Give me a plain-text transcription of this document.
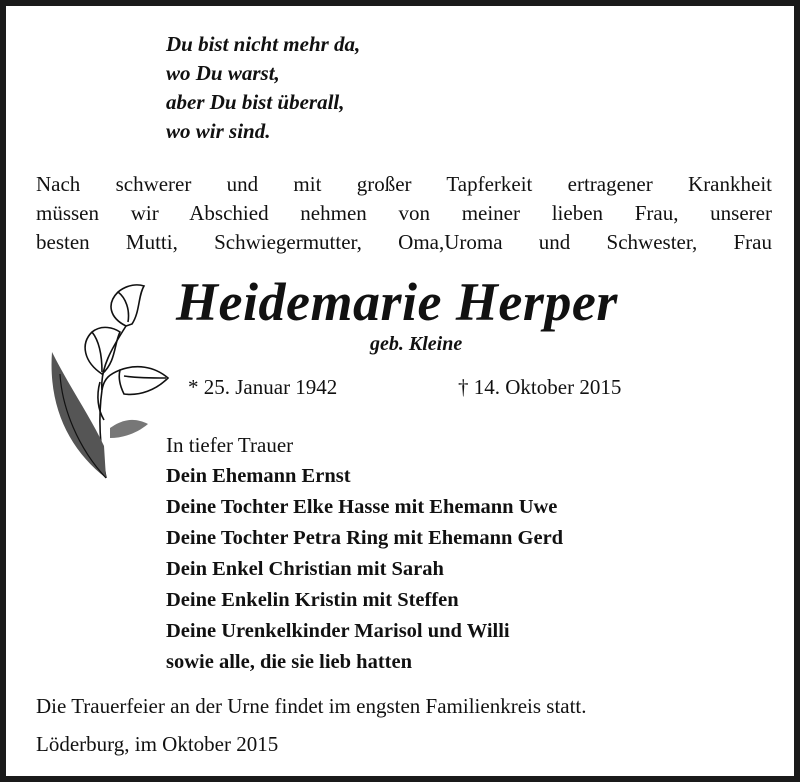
Du bist nicht mehr da,
wo Du warst,
aber Du bist überall,
wo wir sind.
Nach schwerer und mit großer Tapferkeit ertragener Krankheit
müssen wir Abschied nehmen von meiner lieben Frau, unserer
besten Mutti, Schwiegermutter, Oma,Uroma und Schwester, Frau
Heidemarie Herper
geb. Kleine
* 25. Januar 1942	† 14. Oktober 2015
In tiefer Trauer
Dein Ehemann Ernst
Deine Tochter Elke Hasse mit Ehemann Uwe
Deine Tochter Petra Ring mit Ehemann Gerd
Dein Enkel Christian mit Sarah
Deine Enkelin Kristin mit Steffen
Deine Urenkelkinder Marisol und Willi
sowie alle, die sie lieb hatten
Die Trauerfeier an der Urne findet im engsten Familienkreis statt.
Löderburg, im Oktober 2015
